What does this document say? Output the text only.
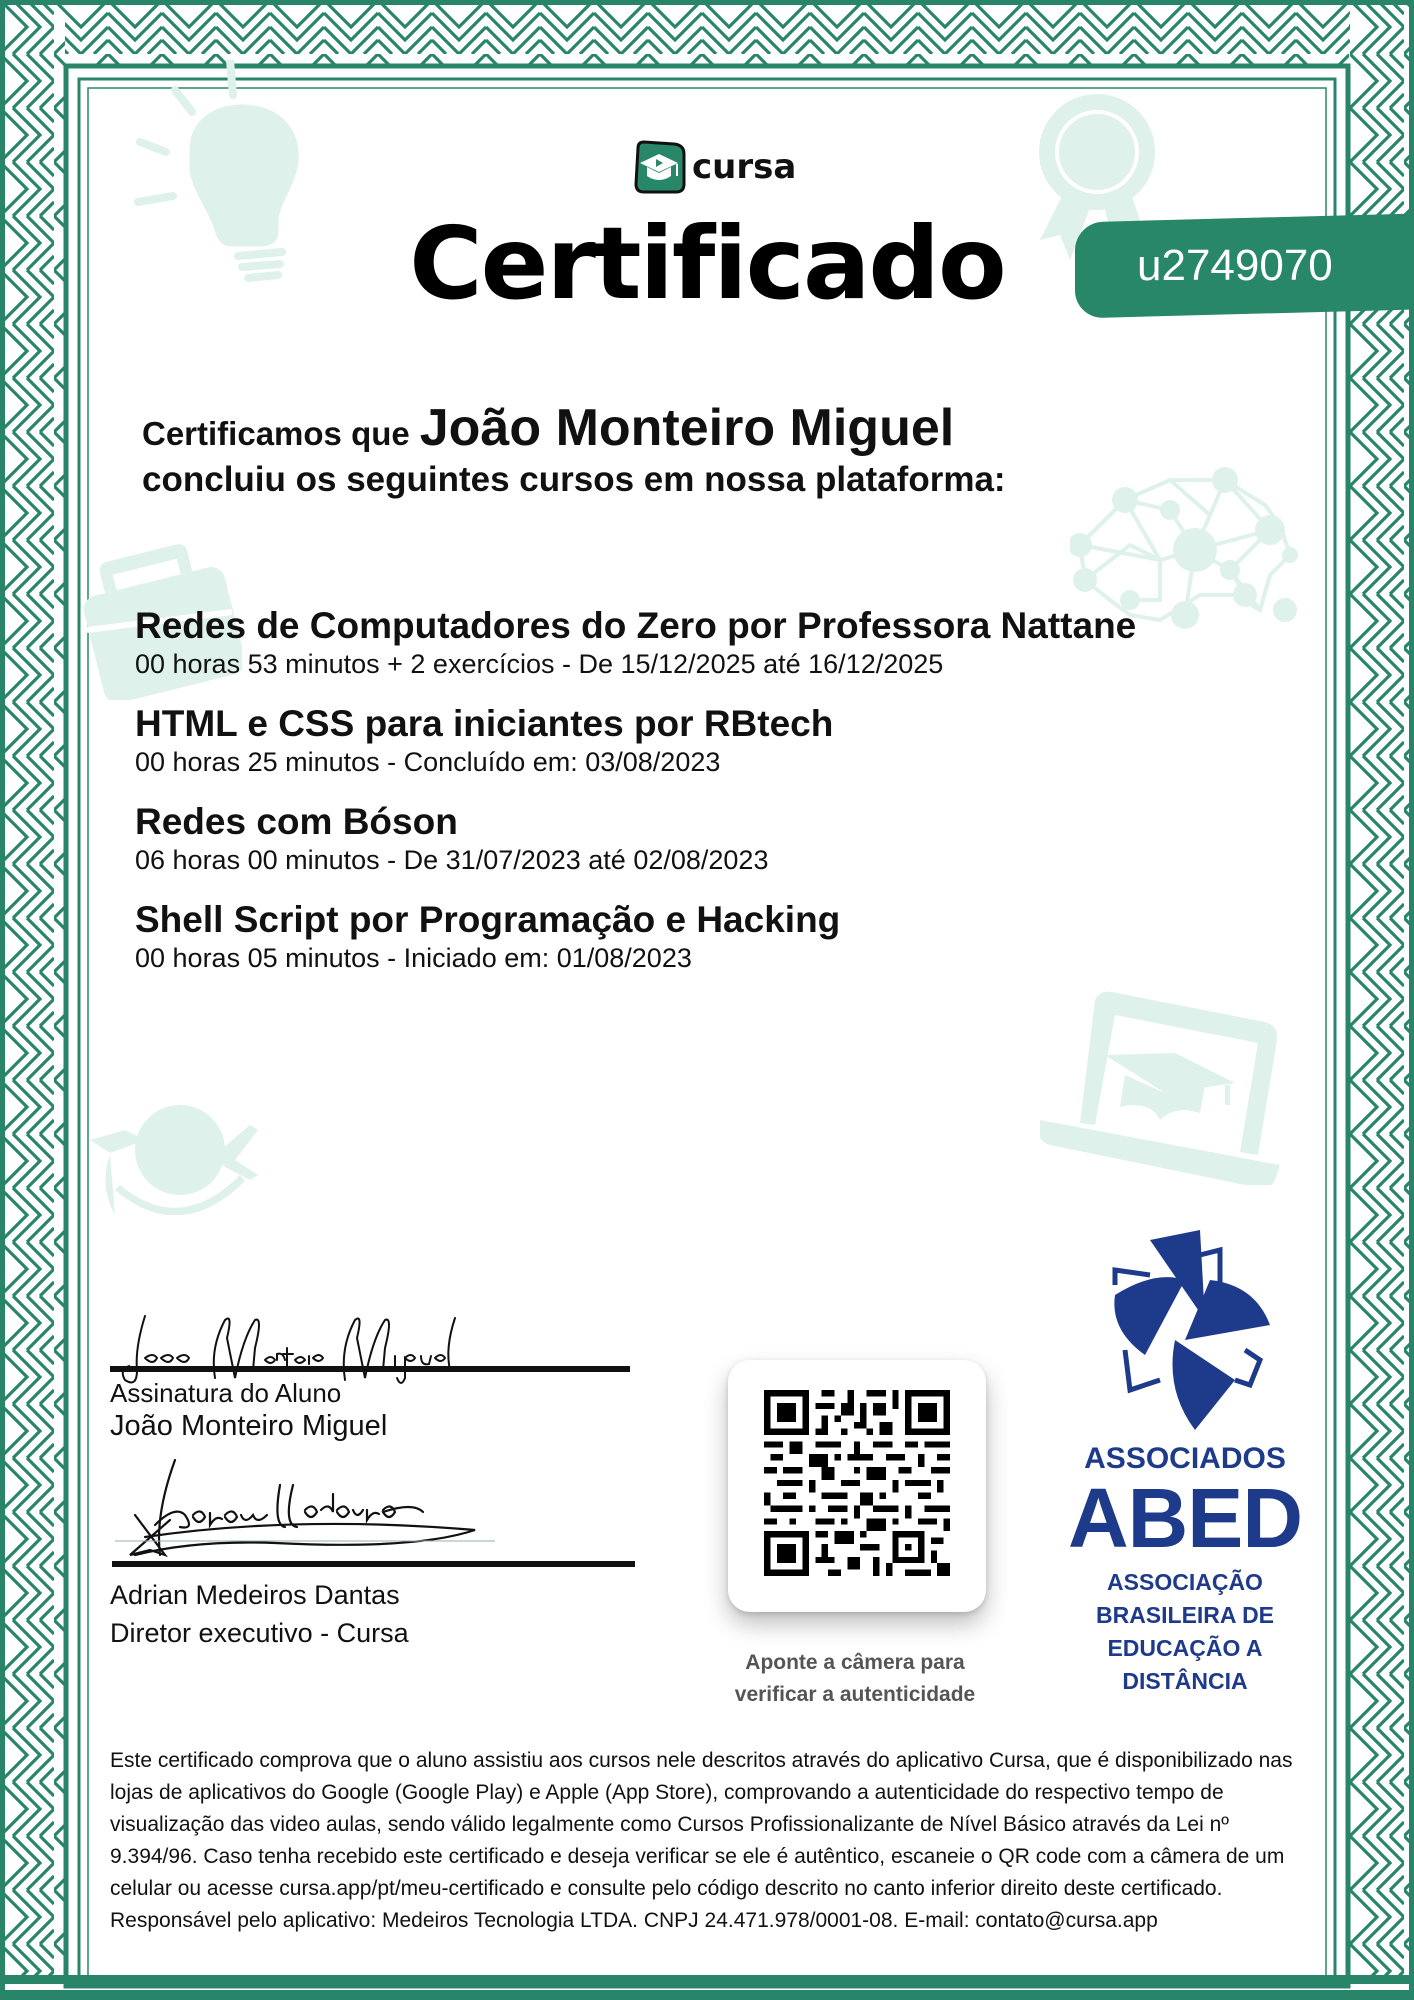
cursa
Certificado	u2749070
Certificamos que João Monteiro Miguel
concluiu os seguintes cursos em nossa plataforma:
Redes de Computadores do Zero por Professora Nattane
00 horas 53 minutos + 2 exercícios - De 15/12/2025 até 16/12/2025
HTML e CSS para iniciantes por RBtech
00 horas 25 minutos - Concluído em: 03/08/2023
Redes com Bóson
06 horas 00 minutos - De 31/07/2023 até 02/08/2023
Shell Script por Programação e Hacking
00 horas 05 minutos - Iniciado em: 01/08/2023
Assinatura do Aluno
João Monteiro Miguel
Adrian Medeiros Dantas
Diretor executivo - Cursa
Aponte a câmera para
verificar a autenticidade
ASSOCIADOS
ABED
ASSOCIAÇÃO
BRASILEIRA DE
EDUCAÇÃO A
DISTÂNCIA
Este certificado comprova que o aluno assistiu aos cursos nele descritos através do aplicativo Cursa, que é disponibilizado nas lojas de aplicativos do Google (Google Play) e Apple (App Store), comprovando a autenticidade do respectivo tempo de visualização das video aulas, sendo válido legalmente como Cursos Profissionalizante de Nível Básico através da Lei nº 9.394/96. Caso tenha recebido este certificado e deseja verificar se ele é autêntico, escaneie o QR code com a câmera de um celular ou acesse cursa.app/pt/meu-certificado e consulte pelo código descrito no canto inferior direito deste certificado.
Responsável pelo aplicativo: Medeiros Tecnologia LTDA. CNPJ 24.471.978/0001-08. E-mail: contato@cursa.app
